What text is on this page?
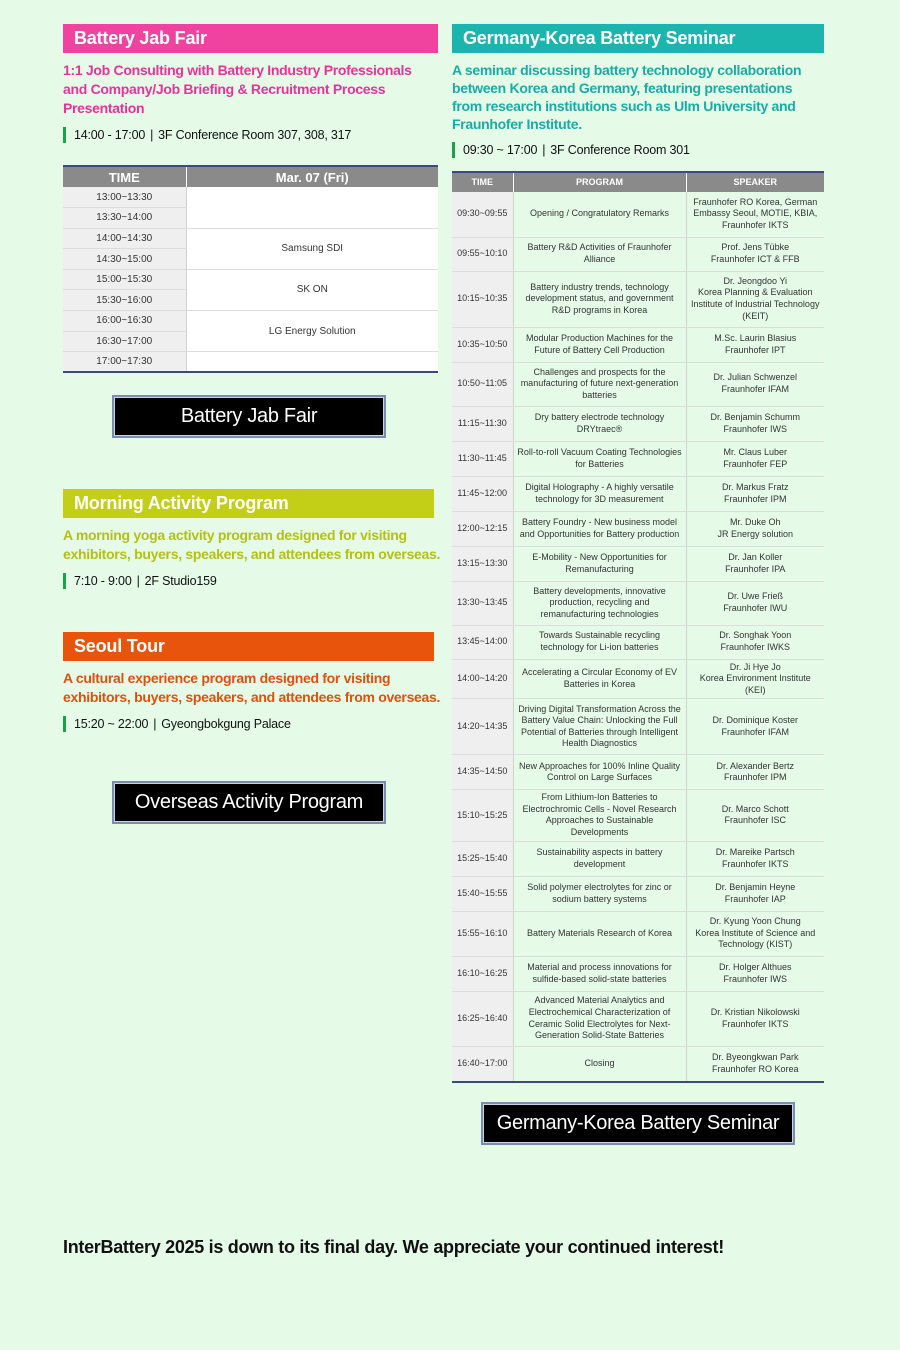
Battery Jab Fair
1:1 Job Consulting with Battery Industry Professionals and Company/Job Briefing & Recruitment Process Presentation
14:00 - 17:00 | 3F Conference Room 307, 308, 317
TIME	Mar. 07 (Fri)
13:00~13:30	
13:30~14:00	
14:00~14:30	Samsung SDI
14:30~15:00	
15:00~15:30	SK ON
15:30~16:00	
16:00~16:30	LG Energy Solution
16:30~17:00	
17:00~17:30	
Battery Jab Fair
Morning Activity Program
A morning yoga activity program designed for visiting exhibitors, buyers, speakers, and attendees from overseas.
7:10 - 9:00 | 2F Studio159
Seoul Tour
A cultural experience program designed for visiting exhibitors, buyers, speakers, and attendees from overseas.
15:20 ~ 22:00 | Gyeongbokgung Palace
Overseas Activity Program
Germany-Korea Battery Seminar
A seminar discussing battery technology collaboration between Korea and Germany, featuring presentations from research institutions such as Ulm University and Fraunhofer Institute.
09:30 ~ 17:00 | 3F Conference Room 301
TIME	PROGRAM	SPEAKER
09:30~09:55	Opening / Congratulatory Remarks	Fraunhofer RO Korea, German Embassy Seoul, MOTIE, KBIA, Fraunhofer IKTS
09:55~10:10	Battery R&D Activities of Fraunhofer Alliance	Prof. Jens Tübke
Fraunhofer ICT & FFB
10:15~10:35	Battery industry trends, technology development status, and government R&D programs in Korea	Dr. Jeongdoo Yi
Korea Planning & Evaluation Institute of Industrial Technology (KEIT)
10:35~10:50	Modular Production Machines for the Future of Battery Cell Production	M.Sc. Laurin Blasius
Fraunhofer IPT
10:50~11:05	Challenges and prospects for the manufacturing of future next-generation batteries	Dr. Julian Schwenzel
Fraunhofer IFAM
11:15~11:30	Dry battery electrode technology DRYtraec®	Dr. Benjamin Schumm
Fraunhofer IWS
11:30~11:45	Roll-to-roll Vacuum Coating Technologies for Batteries	Mr. Claus Luber
Fraunhofer FEP
11:45~12:00	Digital Holography - A highly versatile technology for 3D measurement	Dr. Markus Fratz
Fraunhofer IPM
12:00~12:15	Battery Foundry - New business model and Opportunities for Battery production	Mr. Duke Oh
JR Energy solution
13:15~13:30	E-Mobility - New Opportunities for Remanufacturing	Dr. Jan Koller
Fraunhofer IPA
13:30~13:45	Battery developments, innovative production, recycling and remanufacturing technologies	Dr. Uwe Frieß
Fraunhofer IWU
13:45~14:00	Towards Sustainable recycling technology for Li-ion batteries	Dr. Songhak Yoon
Fraunhofer IWKS
14:00~14:20	Accelerating a Circular Economy of EV Batteries in Korea	Dr. Ji Hye Jo
Korea Environment Institute (KEI)
14:20~14:35	Driving Digital Transformation Across the Battery Value Chain: Unlocking the Full Potential of Batteries through Intelligent Health Diagnostics	Dr. Dominique Koster
Fraunhofer IFAM
14:35~14:50	New Approaches for 100% Inline Quality Control on Large Surfaces	Dr. Alexander Bertz
Fraunhofer IPM
15:10~15:25	From Lithium-Ion Batteries to Electrochromic Cells - Novel Research Approaches to Sustainable Developments	Dr. Marco Schott
Fraunhofer ISC
15:25~15:40	Sustainability aspects in battery development	Dr. Mareike Partsch
Fraunhofer IKTS
15:40~15:55	Solid polymer electrolytes for zinc or sodium battery systems	Dr. Benjamin Heyne
Fraunhofer IAP
15:55~16:10	Battery Materials Research of Korea	Dr. Kyung Yoon Chung
Korea Institute of Science and Technology (KIST)
16:10~16:25	Material and process innovations for sulfide-based solid-state batteries	Dr. Holger Althues
Fraunhofer IWS
16:25~16:40	Advanced Material Analytics and Electrochemical Characterization of Ceramic Solid Electrolytes for Next-Generation Solid-State Batteries	Dr. Kristian Nikolowski
Fraunhofer IKTS
16:40~17:00	Closing	Dr. Byeongkwan Park
Fraunhofer RO Korea
Germany-Korea Battery Seminar
InterBattery 2025 is down to its final day. We appreciate your continued interest!
